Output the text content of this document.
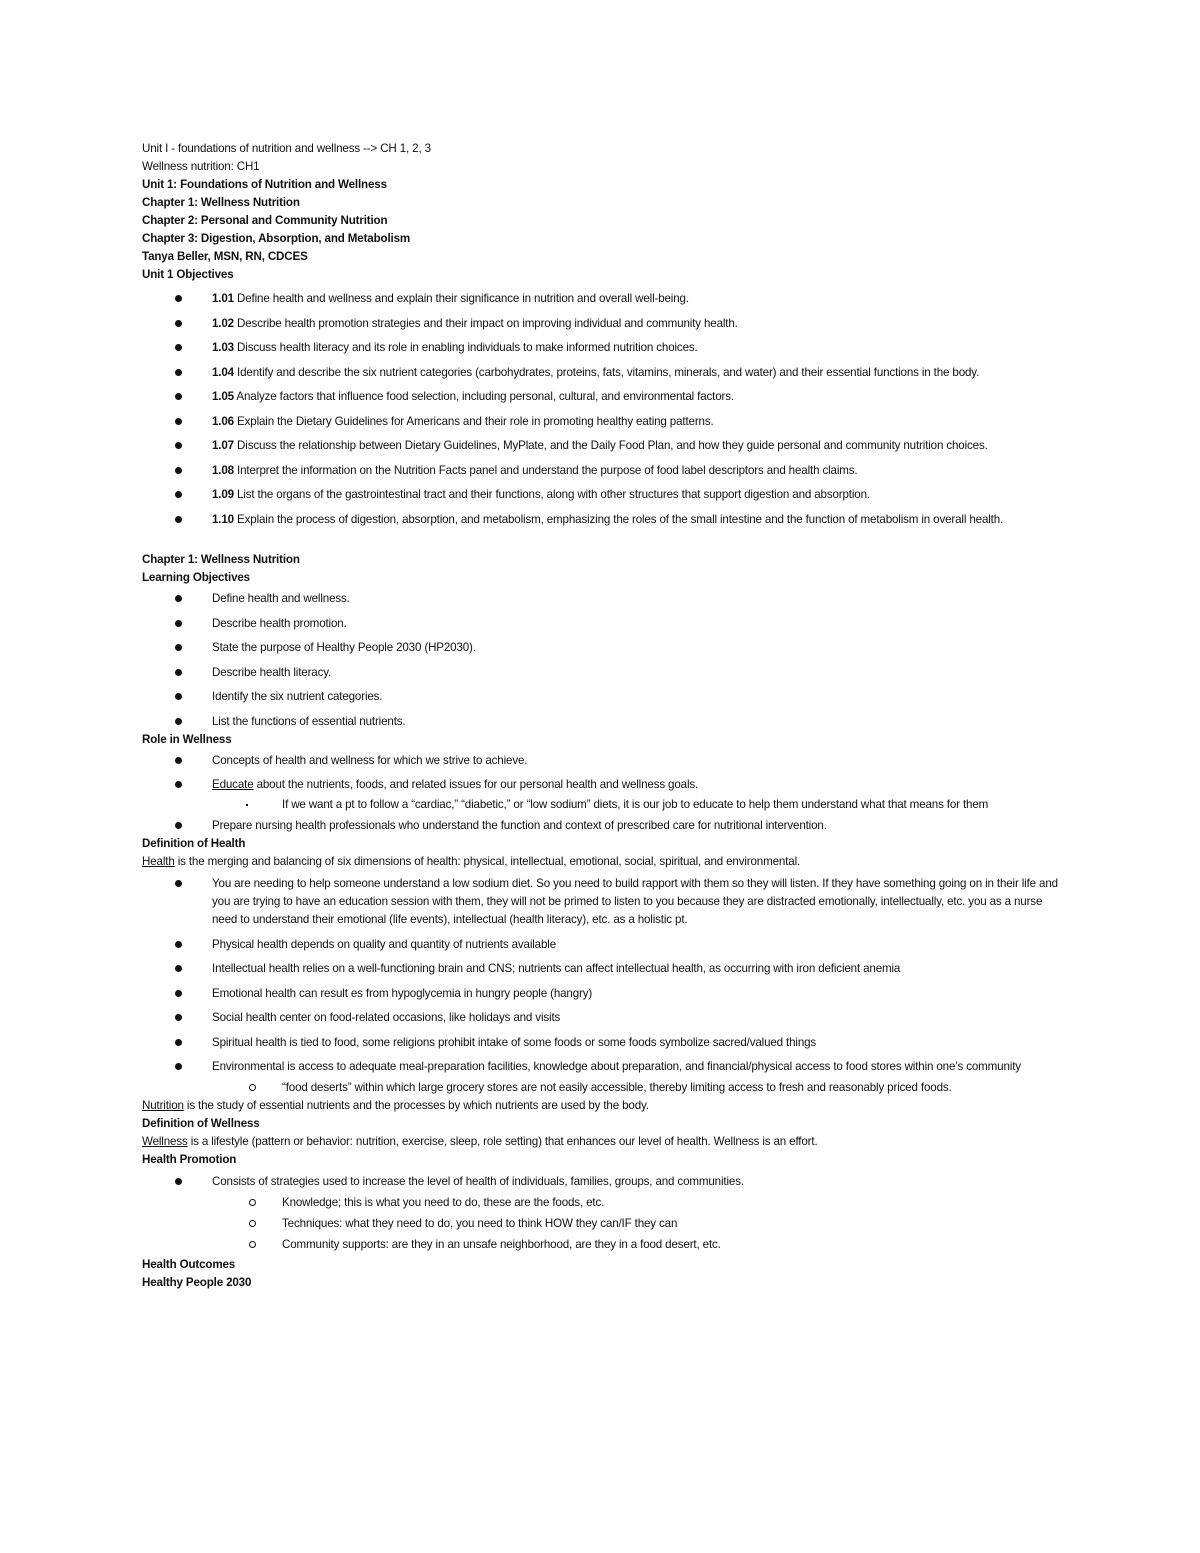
Unit I - foundations of nutrition and wellness --> CH 1, 2, 3
Wellness nutrition: CH1
Unit 1: Foundations of Nutrition and Wellness
Chapter 1: Wellness Nutrition
Chapter 2: Personal and Community Nutrition
Chapter 3: Digestion, Absorption, and Metabolism
Tanya Beller, MSN, RN, CDCES
Unit 1 Objectives
1.01 Define health and wellness and explain their significance in nutrition and overall well-being.
1.02 Describe health promotion strategies and their impact on improving individual and community health.
1.03 Discuss health literacy and its role in enabling individuals to make informed nutrition choices.
1.04 Identify and describe the six nutrient categories (carbohydrates, proteins, fats, vitamins, minerals, and water) and their essential functions in the body.
1.05 Analyze factors that influence food selection, including personal, cultural, and environmental factors.
1.06 Explain the Dietary Guidelines for Americans and their role in promoting healthy eating patterns.
1.07 Discuss the relationship between Dietary Guidelines, MyPlate, and the Daily Food Plan, and how they guide personal and community nutrition choices.
1.08 Interpret the information on the Nutrition Facts panel and understand the purpose of food label descriptors and health claims.
1.09 List the organs of the gastrointestinal tract and their functions, along with other structures that support digestion and absorption.
1.10 Explain the process of digestion, absorption, and metabolism, emphasizing the roles of the small intestine and the function of metabolism in overall health.
Chapter 1: Wellness Nutrition
Learning Objectives
Define health and wellness.
Describe health promotion.
State the purpose of Healthy People 2030 (HP2030).
Describe health literacy.
Identify the six nutrient categories.
List the functions of essential nutrients.
Role in Wellness
Concepts of health and wellness for which we strive to achieve.
Educate about the nutrients, foods, and related issues for our personal health and wellness goals.
If we want a pt to follow a “cardiac,” “diabetic,” or “low sodium” diets, it is our job to educate to help them understand what that means for them
Prepare nursing health professionals who understand the function and context of prescribed care for nutritional intervention.
Definition of Health
Health is the merging and balancing of six dimensions of health: physical, intellectual, emotional, social, spiritual, and environmental.
You are needing to help someone understand a low sodium diet. So you need to build rapport with them so they will listen. If they have something going on in their life and you are trying to have an education session with them, they will not be primed to listen to you because they are distracted emotionally, intellectually, etc. you as a nurse need to understand their emotional (life events), intellectual (health literacy), etc. as a holistic pt.
Physical health depends on quality and quantity of nutrients available
Intellectual health relies on a well-functioning brain and CNS; nutrients can affect intellectual health, as occurring with iron deficient anemia
Emotional health can result es from hypoglycemia in hungry people (hangry)
Social health center on food-related occasions, like holidays and visits
Spiritual health is tied to food, some religions prohibit intake of some foods or some foods symbolize sacred/valued things
Environmental is access to adequate meal-preparation facilities, knowledge about preparation, and financial/physical access to food stores within one’s community
“food deserts” within which large grocery stores are not easily accessible, thereby limiting access to fresh and reasonably priced foods.
Nutrition is the study of essential nutrients and the processes by which nutrients are used by the body.
Definition of Wellness
Wellness is a lifestyle (pattern or behavior: nutrition, exercise, sleep, role setting) that enhances our level of health. Wellness is an effort.
Health Promotion
Consists of strategies used to increase the level of health of individuals, families, groups, and communities.
Knowledge; this is what you need to do, these are the foods, etc.
Techniques: what they need to do, you need to think HOW they can/IF they can
Community supports: are they in an unsafe neighborhood, are they in a food desert, etc.
Health Outcomes
Healthy People 2030
